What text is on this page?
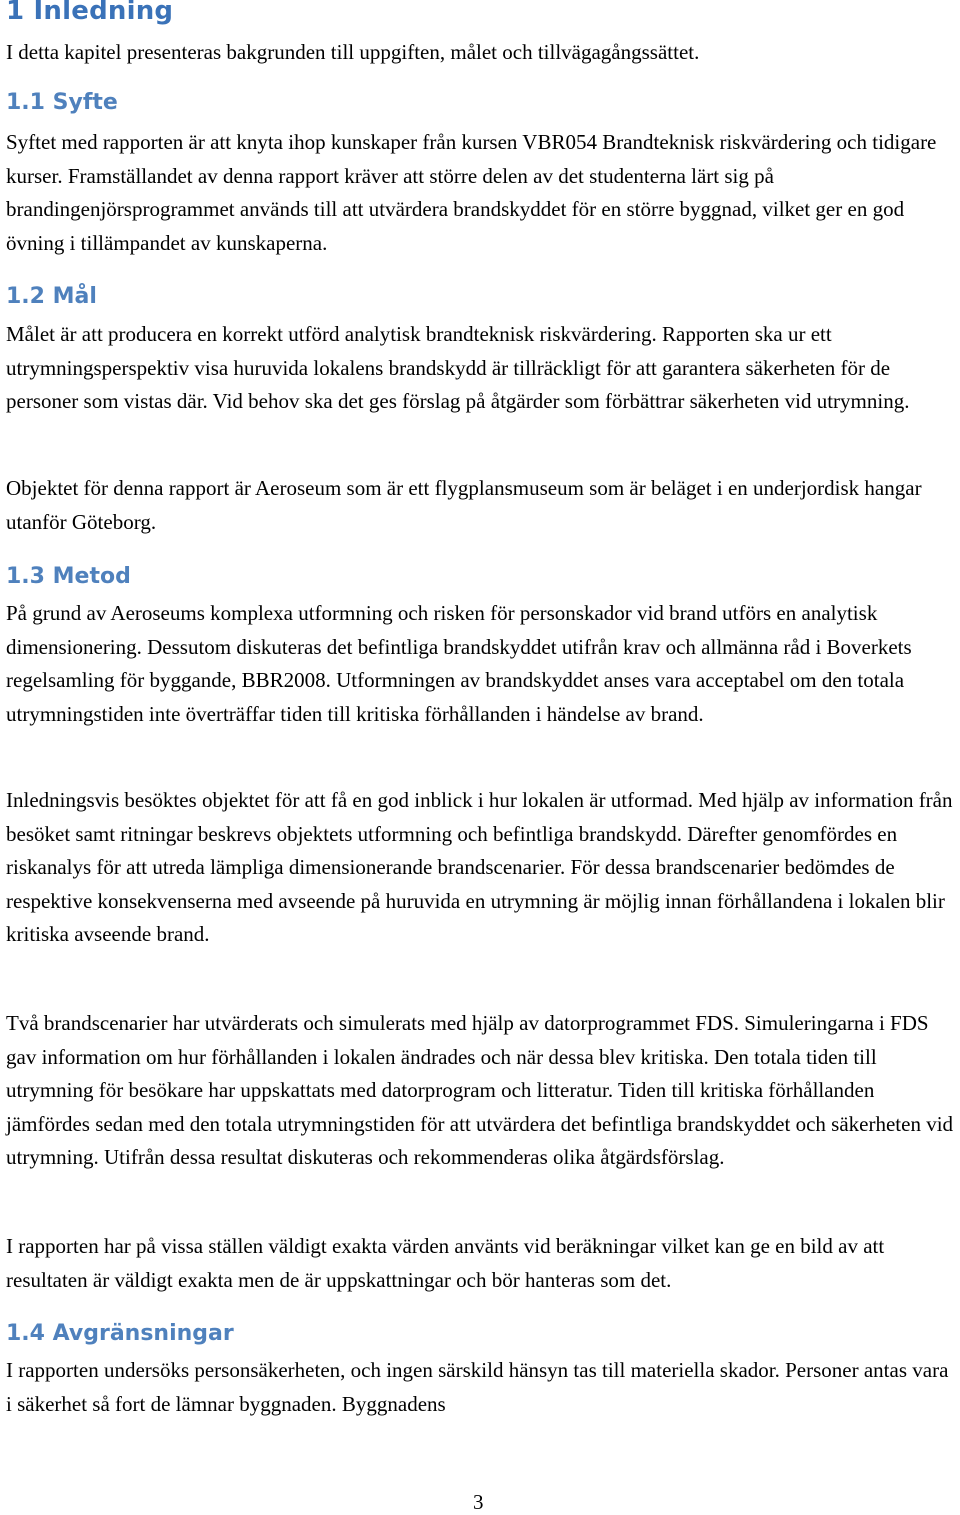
1 Inledning

I detta kapitel presenteras bakgrunden till uppgiften, målet och tillvägagångssättet.

1.1 Syfte

Syftet med rapporten är att knyta ihop kunskaper från kursen VBR054 Brandteknisk riskvärdering och tidigare kurser. Framställandet av denna rapport kräver att större delen av det studenterna lärt sig på brandingenjörsprogrammet används till att utvärdera brandskyddet för en större byggnad, vilket ger en god övning i tillämpandet av kunskaperna.

1.2 Mål

Målet är att producera en korrekt utförd analytisk brandteknisk riskvärdering. Rapporten ska ur ett utrymningsperspektiv visa huruvida lokalens brandskydd är tillräckligt för att garantera säkerheten för de personer som vistas där. Vid behov ska det ges förslag på åtgärder som förbättrar säkerheten vid utrymning.

Objektet för denna rapport är Aeroseum som är ett flygplansmuseum som är beläget i en underjordisk hangar utanför Göteborg.

1.3 Metod

På grund av Aeroseums komplexa utformning och risken för personskador vid brand utförs en analytisk dimensionering. Dessutom diskuteras det befintliga brandskyddet utifrån krav och allmänna råd i Boverkets regelsamling för byggande, BBR2008. Utformningen av brandskyddet anses vara acceptabel om den totala utrymningstiden inte överträffar tiden till kritiska förhållanden i händelse av brand.

Inledningsvis besöktes objektet för att få en god inblick i hur lokalen är utformad. Med hjälp av information från besöket samt ritningar beskrevs objektets utformning och befintliga brandskydd. Därefter genomfördes en riskanalys för att utreda lämpliga dimensionerande brandscenarier. För dessa brandscenarier bedömdes de respektive konsekvenserna med avseende på huruvida en utrymning är möjlig innan förhållandena i lokalen blir kritiska avseende brand.

Två brandscenarier har utvärderats och simulerats med hjälp av datorprogrammet FDS. Simuleringarna i FDS gav information om hur förhållanden i lokalen ändrades och när dessa blev kritiska. Den totala tiden till utrymning för besökare har uppskattats med datorprogram och litteratur. Tiden till kritiska förhållanden jämfördes sedan med den totala utrymningstiden för att utvärdera det befintliga brandskyddet och säkerheten vid utrymning. Utifrån dessa resultat diskuteras och rekommenderas olika åtgärdsförslag.

I rapporten har på vissa ställen väldigt exakta värden använts vid beräkningar vilket kan ge en bild av att resultaten är väldigt exakta men de är uppskattningar och bör hanteras som det.

1.4 Avgränsningar

I rapporten undersöks personsäkerheten, och ingen särskild hänsyn tas till materiella skador. Personer antas vara i säkerhet så fort de lämnar byggnaden. Byggnadens

3
